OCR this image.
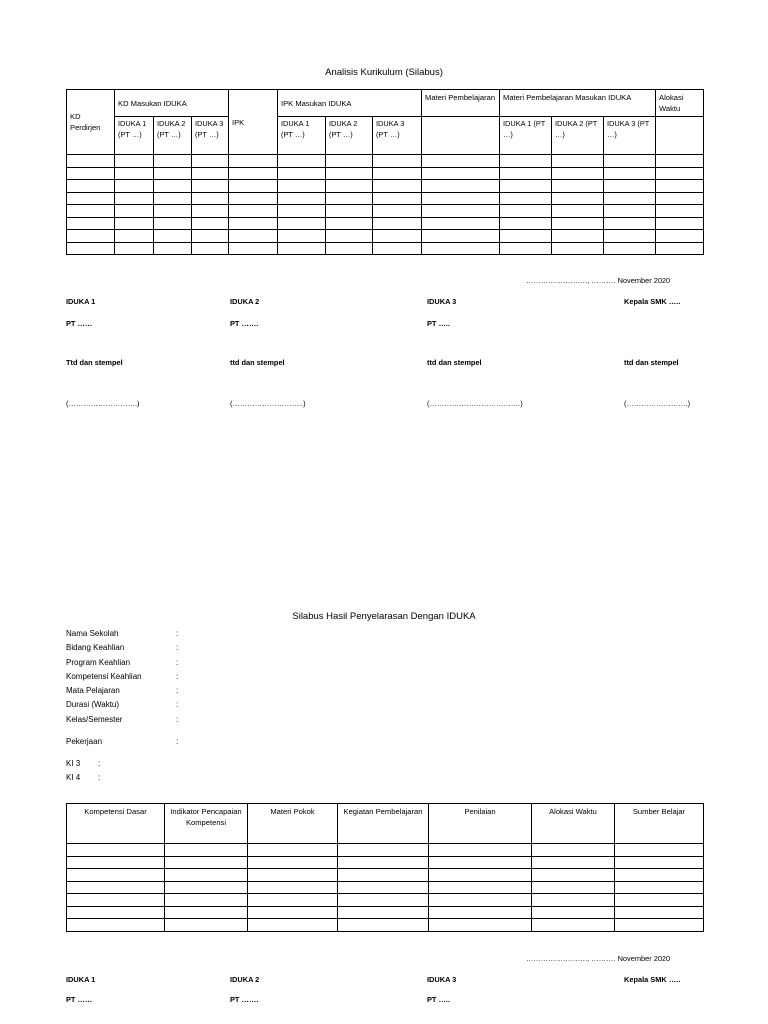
Analisis Kurikulum (Silabus)
KD Perdirjen	KD Masukan IDUKA			IPK	IPK Masukan IDUKA			Materi Pembelajaran	Materi Pembelajaran Masukan IDUKA			Alokasi Waktu
	IDUKA 1 (PT …)	IDUKA 2 (PT …)	IDUKA 3 (PT …)		IDUKA 1 (PT …)	IDUKA 2 (PT …)	IDUKA 3 (PT …)		IDUKA 1 (PT …)	IDUKA 2 (PT …)	IDUKA 3 (PT …)	

……………………., ………. November 2020
IDUKA 1	IDUKA 2	IDUKA 3	Kepala SMK …..
PT ……	PT …….	PT …..
Ttd dan stempel	ttd dan stempel	ttd dan stempel	ttd dan stempel
(……………………….)	(………………………..)	(……………………………….)	(…………………….)
Silabus Hasil Penyelarasan Dengan IDUKA
Nama Sekolah	:
Bidang Keahlian	:
Program Keahlian	:
Kompetensi Keahlian	:
Mata Pelajaran	:
Durasi (Waktu)	:
Kelas/Semester	:
Pekerjaan	:
KI 3 :
KI 4 :
Kompetensi Dasar	Indikator Pencapaian Kompetensi	Materi Pokok	Kegiatan Pembelajaran	Penilaian	Alokasi Waktu	Sumber Belajar

……………………., ………. November 2020
IDUKA 1	IDUKA 2	IDUKA 3	Kepala SMK …..
PT ……	PT …….	PT …..
